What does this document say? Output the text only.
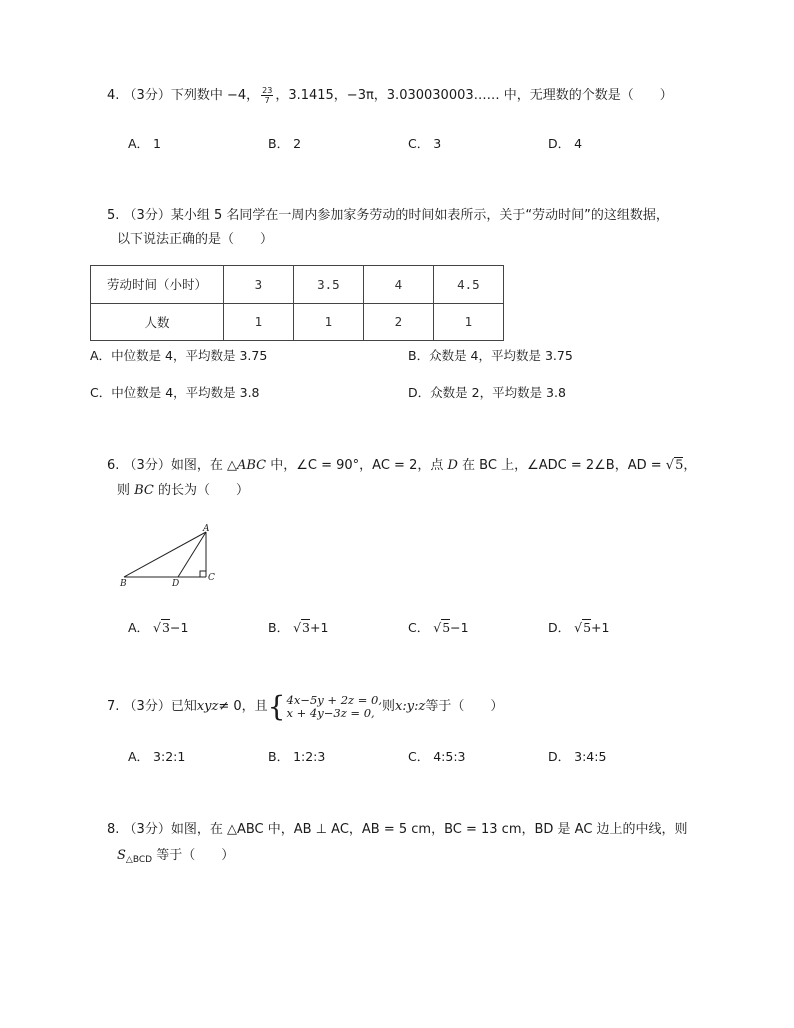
4. （3分）下列数中 −4， $\frac{23}{7}$ ，3.1415，−3π，3.030030003…… 中，无理数的个数是（　　）
A． 1	B． 2	C． 3	D． 4
5. （3分）某小组 5 名同学在一周内参加家务劳动的时间如表所示，关于“劳动时间”的这组数据，
以下说法正确的是（　　）
劳动时间（小时）	3	3.5	4	4.5
人数	1	1	2	1
A．中位数是 4，平均数是 3.75	B．众数是 4，平均数是 3.75
C．中位数是 4，平均数是 3.8	D．众数是 2，平均数是 3.8
6. （3分）如图，在 △ABC 中，∠C = 90°，AC = 2，点 D 在 BC 上，∠ADC = 2∠B，AD = √5，
则 BC 的长为（　　）
A
B
C
D
A． √3−1	B． √3+1	C． √5−1	D． √5+1
7.
（3分） 已知 xyz ≠ 0，且 { 4x−5y + 2z = 0,
x + 4y−3z = 0, 则 x:y:z 等于（　　）
A． 3:2:1	B． 1:2:3	C． 4:5:3	D． 3:4:5
8. （3分）如图，在 △ABC 中，AB ⊥ AC，AB = 5 cm，BC = 13 cm，BD 是 AC 边上的中线，则
$S_{\triangle BCD}$ 等于（　　）
